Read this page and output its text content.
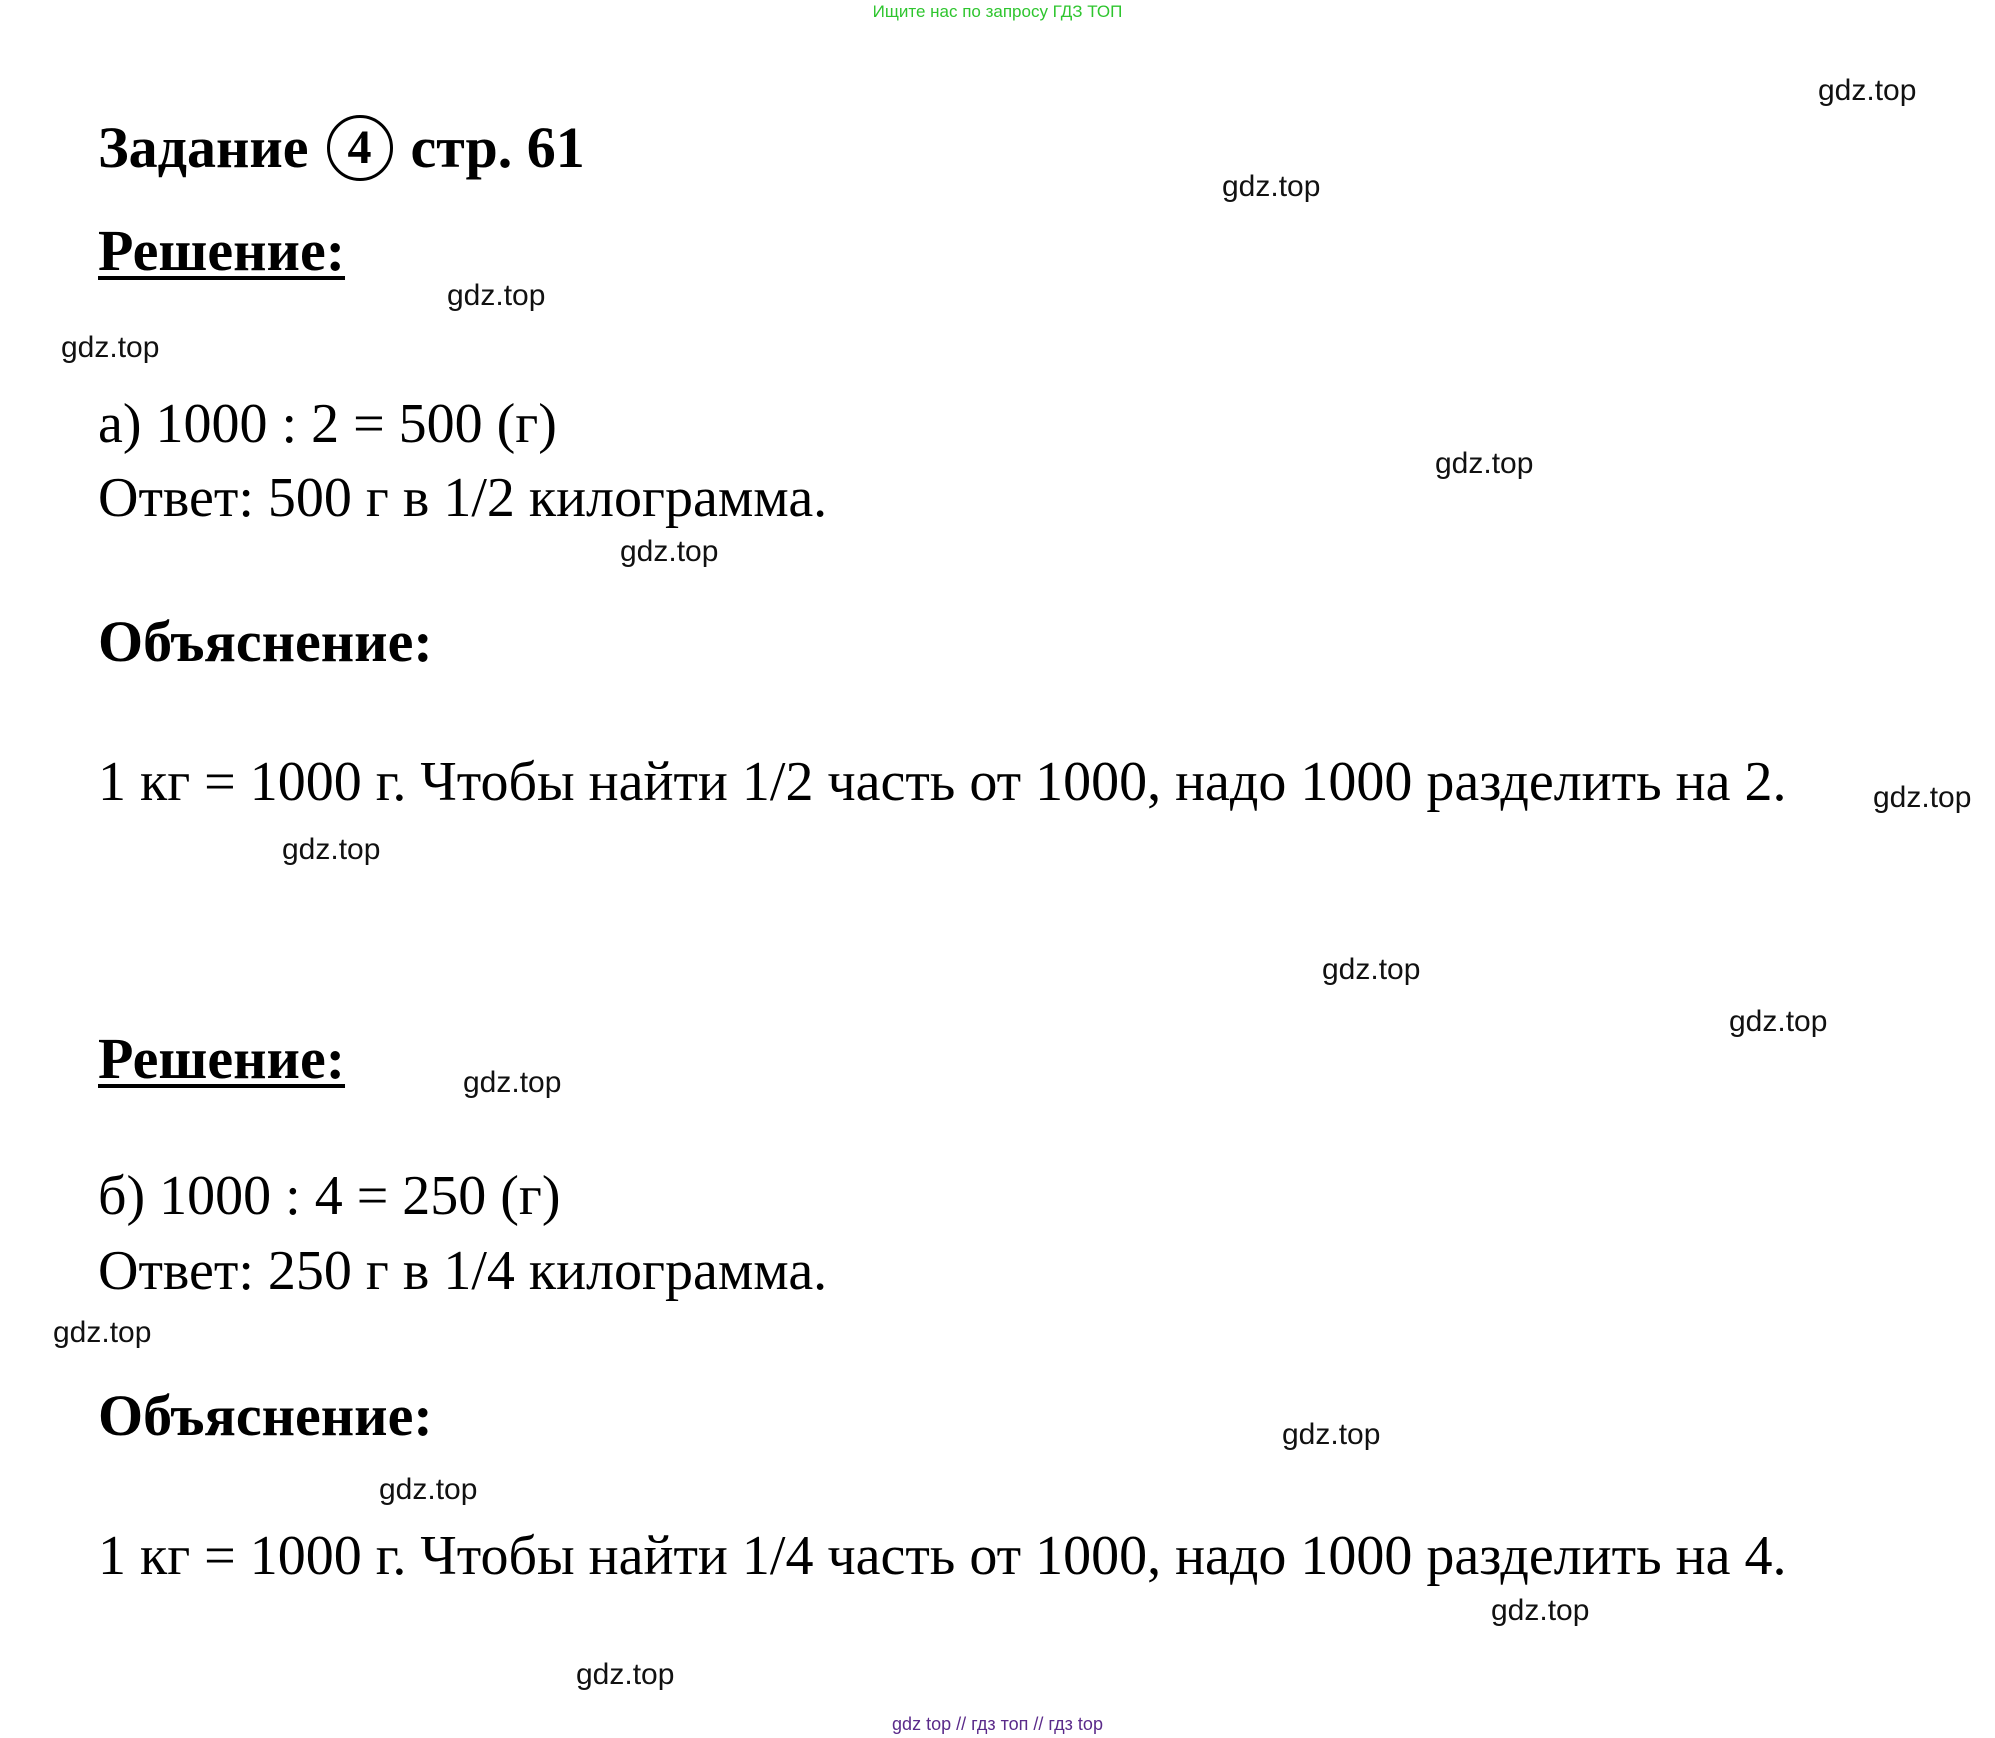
Ищите нас по запросу ГДЗ ТОП
Задание 4 стр. 61
Решение:
а) 1000 : 2 = 500 (г)
Ответ: 500 г в 1/2 килограмма.
Объяснение:
1 кг = 1000 г. Чтобы найти 1/2 часть от 1000, надо 1000 разделить на 2.
Решение:
б) 1000 : 4 = 250 (г)
Ответ: 250 г в 1/4 килограмма.
Объяснение:
1 кг = 1000 г. Чтобы найти 1/4 часть от 1000, надо 1000 разделить на 4.
gdz.top
gdz.top
gdz.top
gdz.top
gdz.top
gdz.top
gdz.top
gdz.top
gdz.top
gdz.top
gdz.top
gdz.top
gdz.top
gdz.top
gdz.top
gdz.top
gdz top // гдз топ // гдз top
